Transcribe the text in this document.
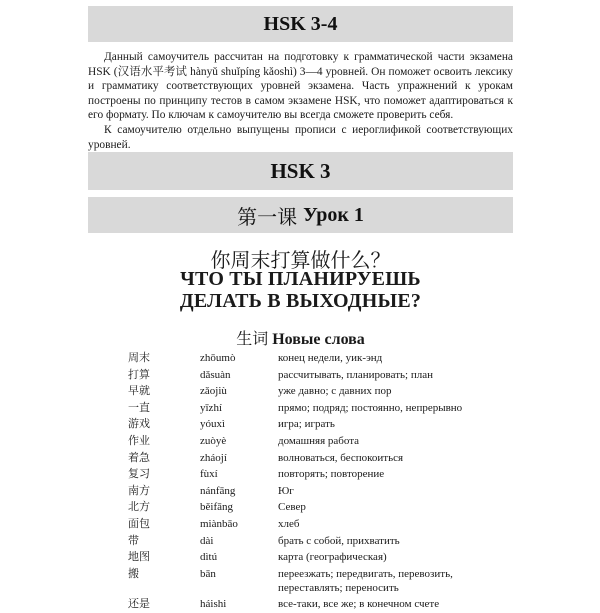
HSK 3-4

Данный самоучитель рассчитан на подготовку к грамматической части экзамена HSK (汉语水平考试 hànyǔ shuǐpíng kǎoshì) 3—4 уровней. Он поможет освоить лексику и грамматику соответствующих уровней экзамена. Часть упражнений к урокам построены по принципу тестов в самом экзамене HSK, что поможет адаптироваться к его формату. По ключам к самоучителю вы всегда сможете проверить себя.

К самоучителю отдельно выпущены прописи с иероглификой соответствующих уровней.

HSK 3
第一课 Урок 1
你周末打算做什么？
ЧТО ТЫ ПЛАНИРУЕШЬ
ДЕЛАТЬ В ВЫХОДНЫЕ?
生词 Новые слова
周末	zhōumò	конец недели, уик-энд
打算	dǎsuàn	рассчитывать, планировать; план
早就	zǎojiù	уже давно; с давних пор
一直	yīzhí	прямо; подряд; постоянно, непрерывно
游戏	yóuxì	игра; играть
作业	zuòyè	домашняя работа
着急	zháojí	волноваться, беспокоиться
复习	fùxí	повторять; повторение
南方	nánfāng	Юг
北方	běifāng	Север
面包	miànbāo	хлеб
带	dài	брать с собой, прихватить
地图	dìtú	карта (географическая)
搬	bān	переезжать; передвигать, перевозить, переставлять; переносить
还是	háishi	все-таки, все же; в конечном счете
